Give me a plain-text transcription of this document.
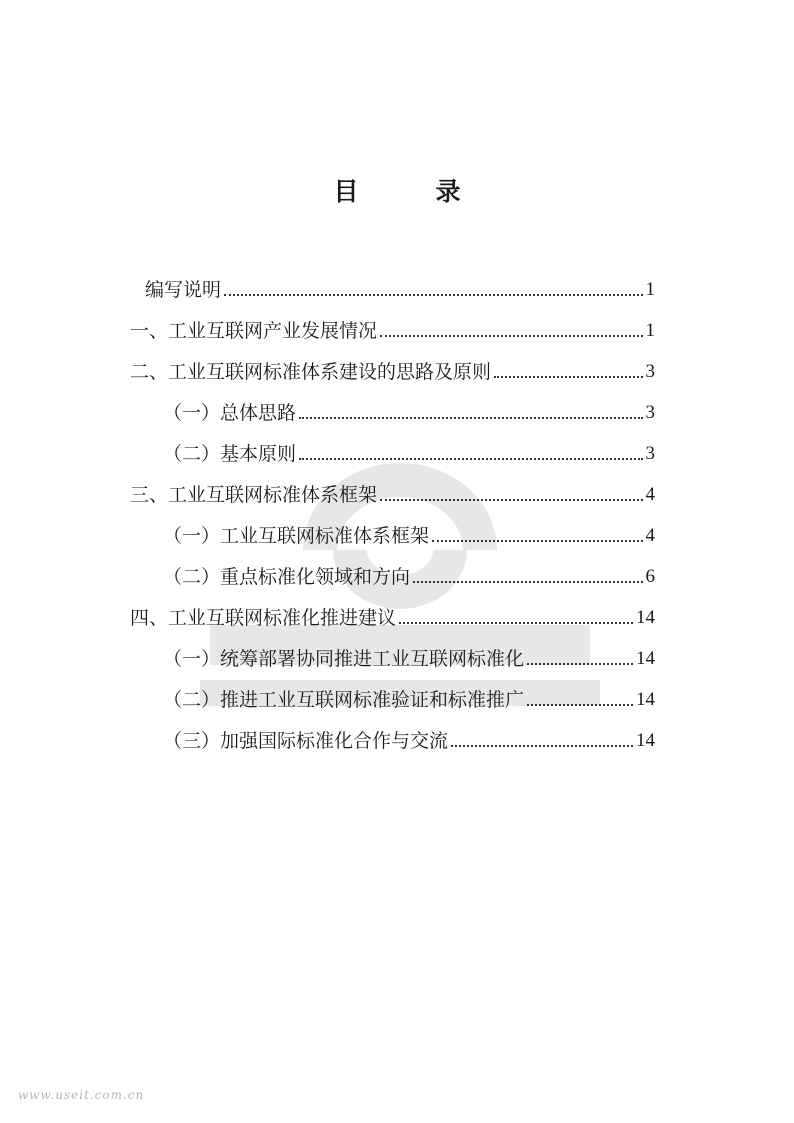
目　录
编写说明	1
一、工业互联网产业发展情况	1
二、工业互联网标准体系建设的思路及原则	3
（一）总体思路	3
（二）基本原则	3
三、工业互联网标准体系框架	4
（一）工业互联网标准体系框架	4
（二）重点标准化领域和方向	6
四、工业互联网标准化推进建议	14
（一）统筹部署协同推进工业互联网标准化	14
（二）推进工业互联网标准验证和标准推广	14
（三）加强国际标准化合作与交流	14
www.useit.com.cn
